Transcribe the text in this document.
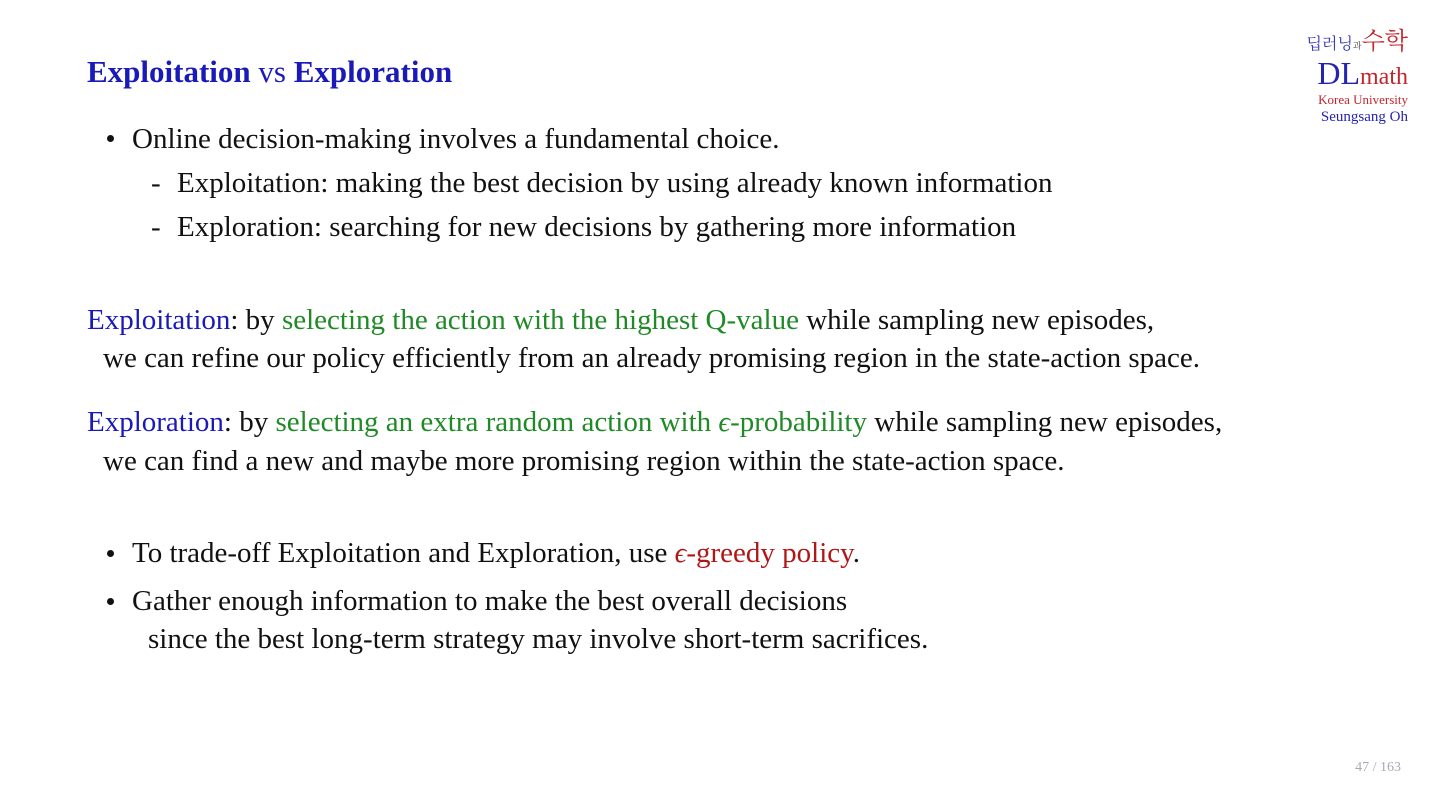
Exploitation vs Exploration
딥러닝과수학
DLmath
Korea University
Seungsang Oh
Online decision-making involves a fundamental choice.
- Exploitation: making the best decision by using already known information
- Exploration: searching for new decisions by gathering more information
Exploitation: by selecting the action with the highest Q-value while sampling new episodes,
we can refine our policy efficiently from an already promising region in the state-action space.
Exploration: by selecting an extra random action with ϵ-probability while sampling new episodes,
we can find a new and maybe more promising region within the state-action space.
To trade-off Exploitation and Exploration, use ϵ-greedy policy.
Gather enough information to make the best overall decisions
since the best long-term strategy may involve short-term sacrifices.
47 / 163
